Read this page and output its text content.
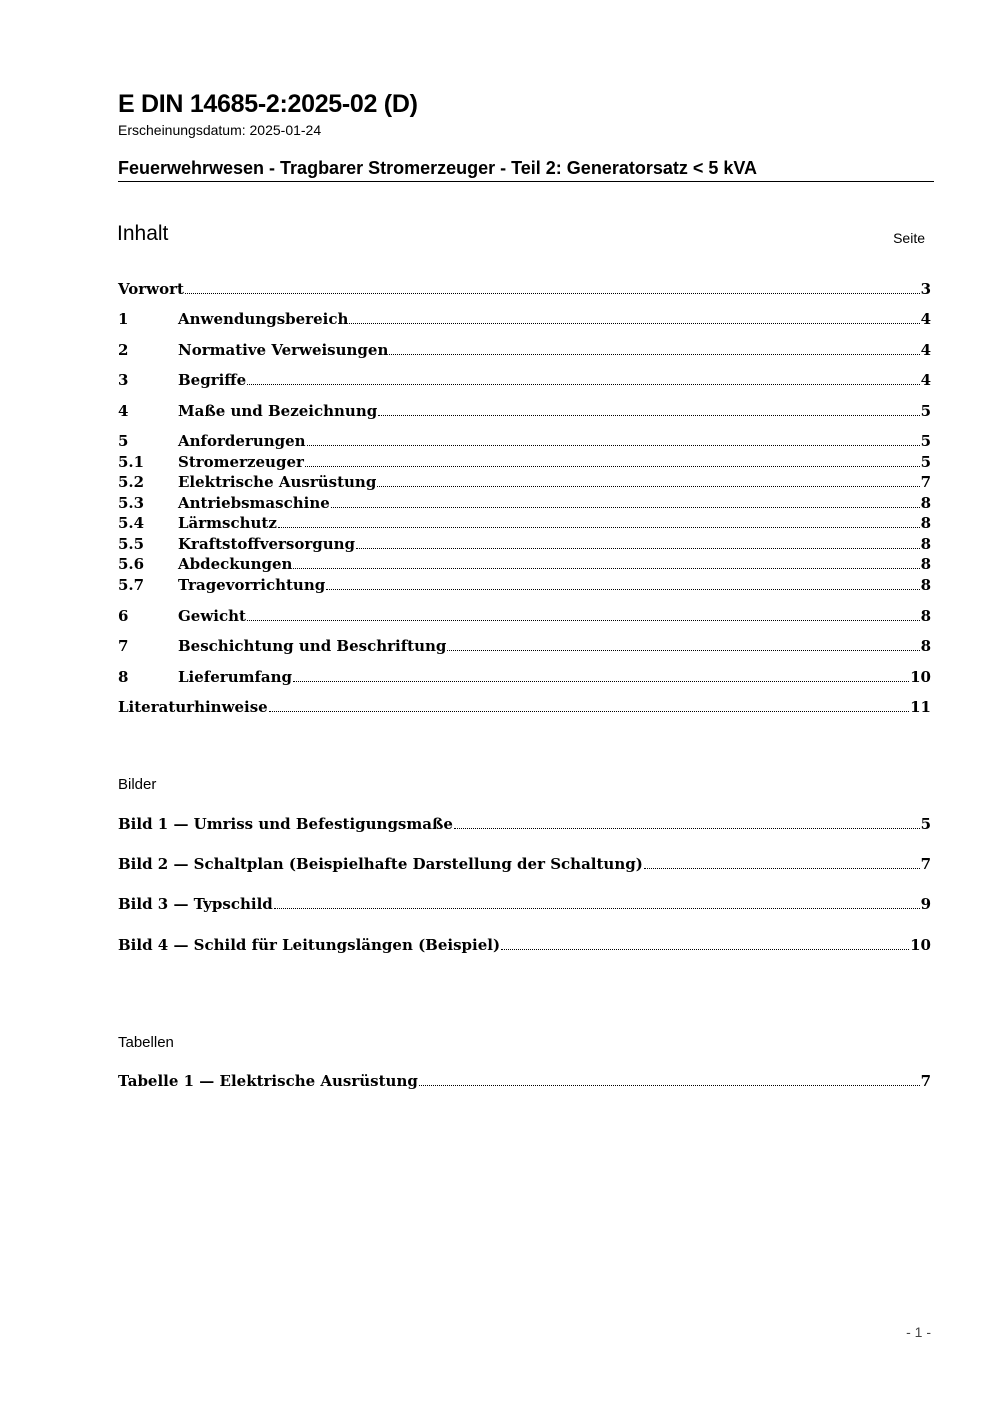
E DIN 14685-2:2025-02 (D)
Erscheinungsdatum: 2025-01-24
Feuerwehrwesen - Tragbarer Stromerzeuger - Teil 2: Generatorsatz < 5 kVA
Inhalt	Seite
Vorwort	3
1	Anwendungsbereich	4
2	Normative Verweisungen	4
3	Begriffe	4
4	Maße und Bezeichnung	5
5	Anforderungen	5
5.1	Stromerzeuger	5
5.2	Elektrische Ausrüstung	7
5.3	Antriebsmaschine	8
5.4	Lärmschutz	8
5.5	Kraftstoffversorgung	8
5.6	Abdeckungen	8
5.7	Tragevorrichtung	8
6	Gewicht	8
7	Beschichtung und Beschriftung	8
8	Lieferumfang	10
Literaturhinweise	11
Bilder
Bild 1 — Umriss und Befestigungsmaße	5
Bild 2 — Schaltplan (Beispielhafte Darstellung der Schaltung)	7
Bild 3 — Typschild	9
Bild 4 — Schild für Leitungslängen (Beispiel)	10
Tabellen
Tabelle 1 — Elektrische Ausrüstung	7
- 1 -
